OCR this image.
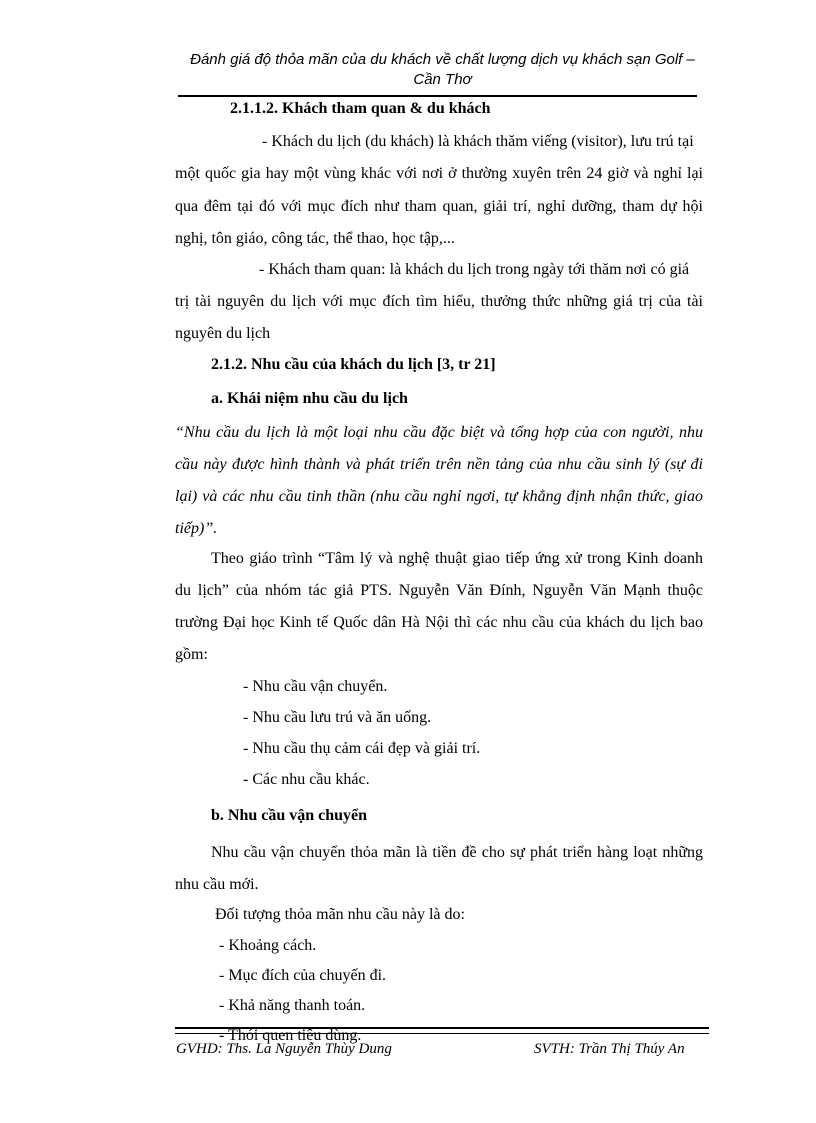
Đánh giá độ thỏa mãn của du khách về chất lượng dịch vụ khách sạn Golf –
Cần Thơ
2.1.1.2. Khách tham quan & du khách
- Khách du lịch (du khách) là khách thăm viếng (visitor), lưu trú tại
một quốc gia hay một vùng khác với nơi ở thường xuyên trên 24 giờ và nghỉ lại
qua đêm tại đó với mục đích như tham quan, giải trí, nghỉ dưỡng, tham dự hội
nghị, tôn giáo, công tác, thể thao, học tập,...
- Khách tham quan: là khách du lịch trong ngày tới thăm nơi có giá
trị tài nguyên du lịch với mục đích tìm hiểu, thưởng thức những giá trị của tài
nguyên du lịch
2.1.2. Nhu cầu của khách du lịch [3, tr 21]
a. Khái niệm nhu cầu du lịch
“Nhu cầu du lịch là một loại nhu cầu đặc biệt và tổng hợp của con người, nhu
cầu này được hình thành và phát triển trên nền tảng của nhu cầu sinh lý (sự đi
lại) và các nhu cầu tinh thần (nhu cầu nghỉ ngơi, tự khẳng định nhận thức, giao
tiếp)”.
Theo giáo trình “Tâm lý và nghệ thuật giao tiếp ứng xử trong Kinh doanh
du lịch” của nhóm tác giả PTS. Nguyễn Văn Đính, Nguyễn Văn Mạnh thuộc
trường Đại học Kinh tế Quốc dân Hà Nội thì các nhu cầu của khách du lịch bao
gồm:
- Nhu cầu vận chuyển.
- Nhu cầu lưu trú và ăn uống.
- Nhu cầu thụ cảm cái đẹp và giải trí.
- Các nhu cầu khác.
b. Nhu cầu vận chuyển
Nhu cầu vận chuyển thỏa mãn là tiền đề cho sự phát triển hàng loạt những
nhu cầu mới.
Đối tượng thỏa mãn nhu cầu này là do:
- Khoảng cách.
- Mục đích của chuyến đi.
- Khả năng thanh toán.
- Thói quen tiêu dùng.
GVHD: Ths. La Nguyễn Thùy Dung	SVTH: Trần Thị Thúy An
